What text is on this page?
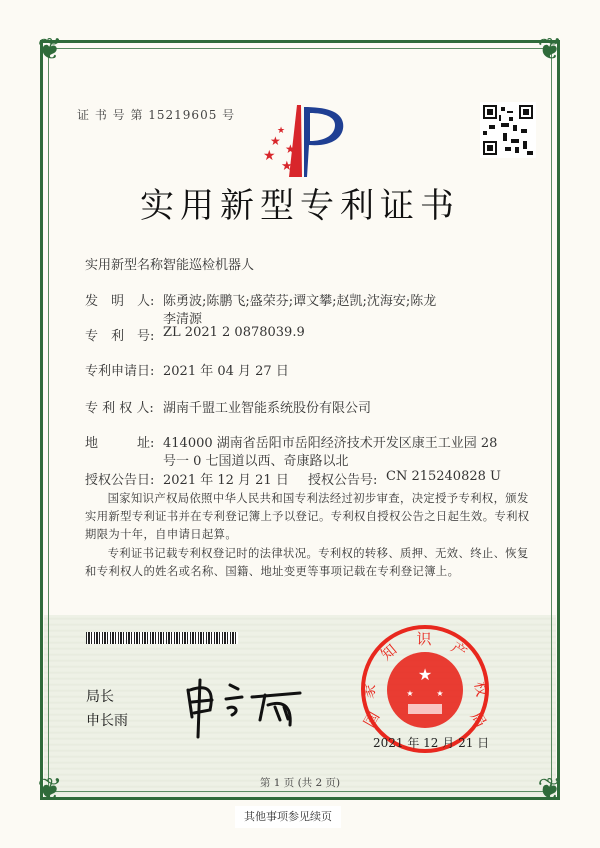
❦	❦
❦	❦
证 书 号 第 15219605 号
★
★
★
★
★
实用新型专利证书
实用新型名称:
智能巡检机器人
发　明　人: 陈勇波;陈鹏飞;盛荣芬;谭文攀;赵凯;沈海安;陈龙
李清源
专　利　号: ZL 2021 2 0878039.9
专利申请日: 2021 年 04 月 27 日
专 利 权 人: 湖南千盟工业智能系统股份有限公司
地　　　址: 414000 湖南省岳阳市岳阳经济技术开发区康王工业园 28
号一 0 七国道以西、奇康路以北
授权公告日: 2021 年 12 月 21 日 授权公告号: CN 215240828 U
国家知识产权局依照中华人民共和国专利法经过初步审查，决定授予专利权，颁发实用新型专利证书并在专利登记簿上予以登记。专利权自授权公告之日起生效。专利权期限为十年，自申请日起算。
专利证书记载专利权登记时的法律状况。专利权的转移、质押、无效、终止、恢复和专利权人的姓名或名称、国籍、地址变更等事项记载在专利登记簿上。
局长
申长雨
★
★	★
国
家
知
识 产
权
局
2021 年 12 月 21 日
第 1 页 (共 2 页)
其他事项参见续页
